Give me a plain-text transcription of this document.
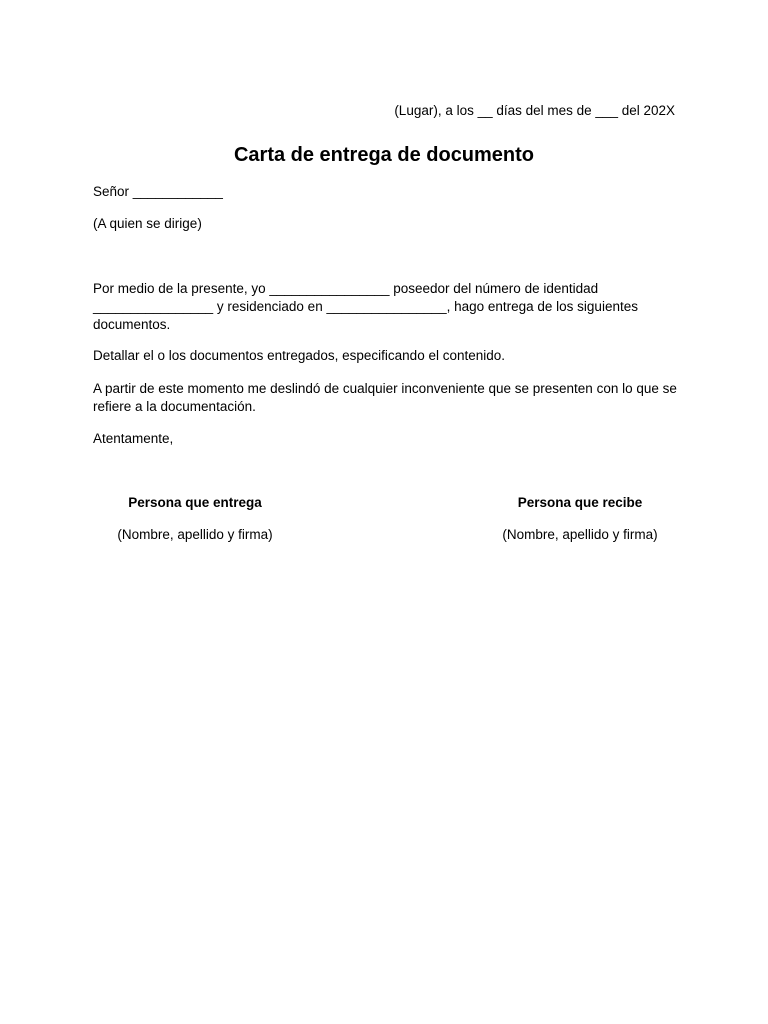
(Lugar), a los __ días del mes de ___ del 202X
Carta de entrega de documento
Señor ____________
(A quien se dirige)
Por medio de la presente, yo ________________ poseedor del número de identidad ________________ y residenciado en ________________, hago entrega de los siguientes documentos.
Detallar el o los documentos entregados, especificando el contenido.
A partir de este momento me deslindó de cualquier inconveniente que se presenten con lo que se refiere a la documentación.
Atentamente,
Persona que entrega
(Nombre, apellido y firma)
Persona que recibe
(Nombre, apellido y firma)
